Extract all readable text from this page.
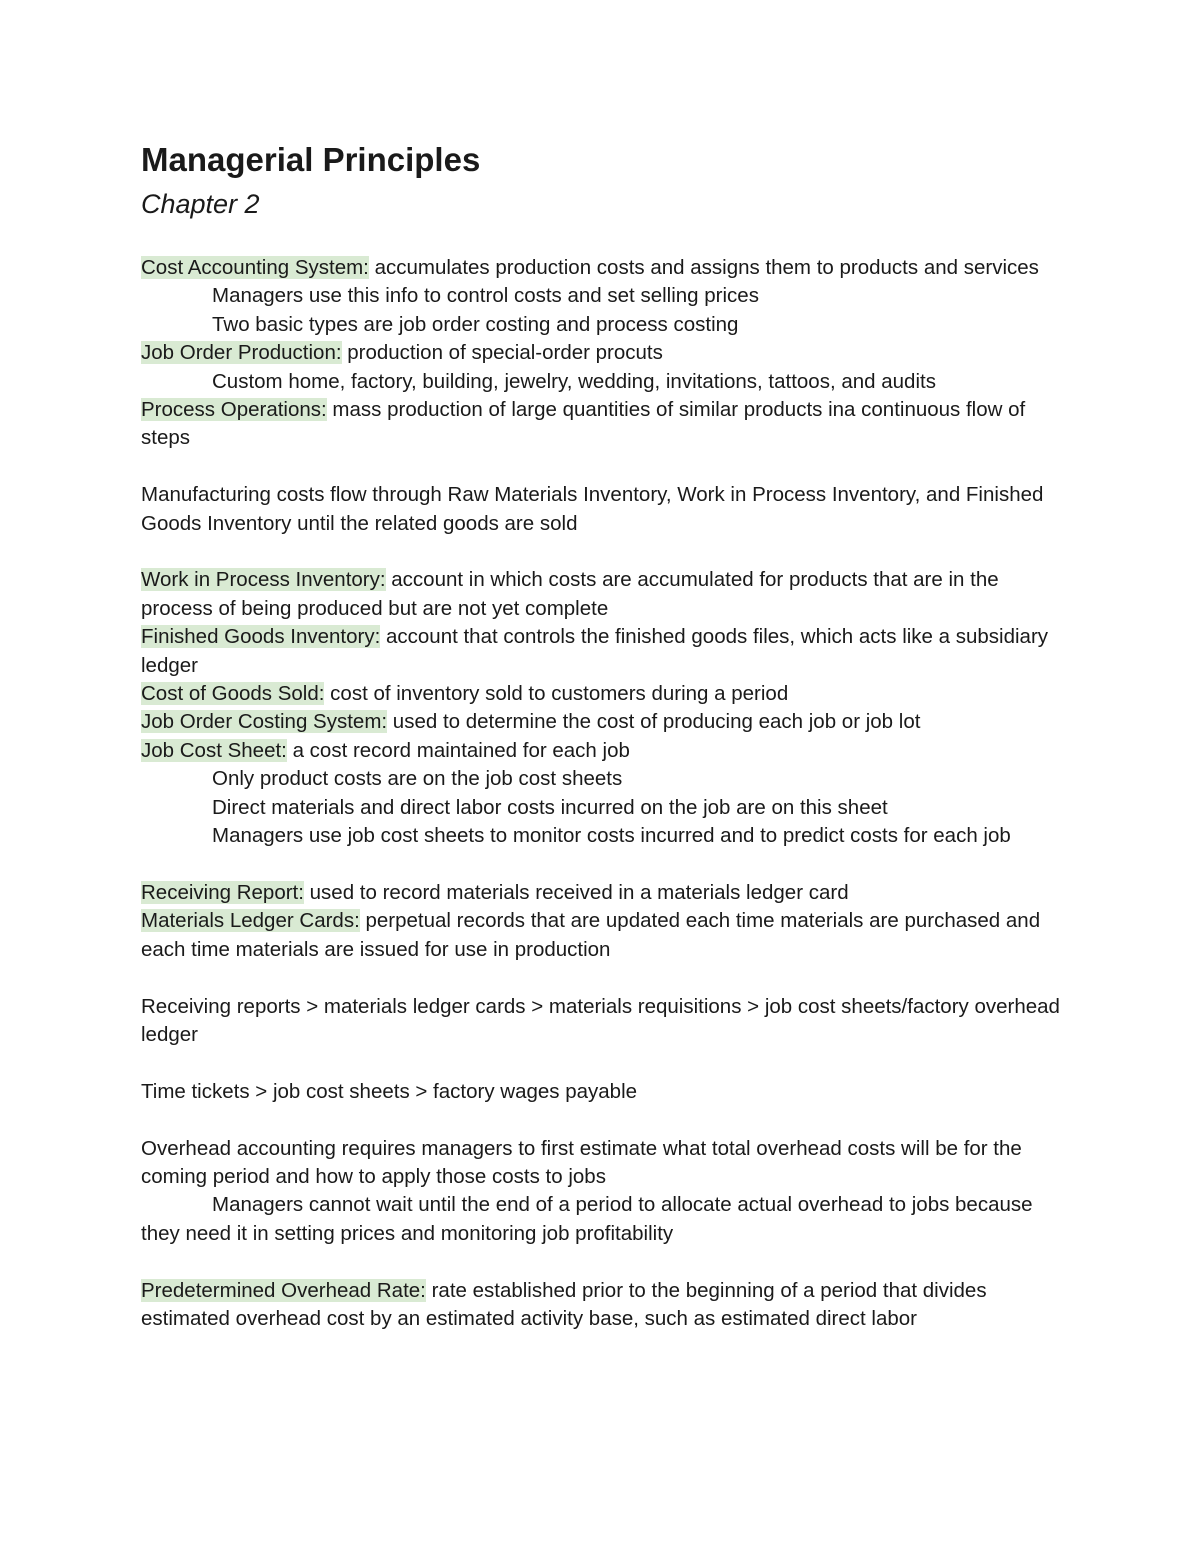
Managerial Principles
Chapter 2

Cost Accounting System: accumulates production costs and assigns them to products and services

Managers use this info to control costs and set selling prices

Two basic types are job order costing and process costing

Job Order Production: production of special-order procuts

Custom home, factory, building, jewelry, wedding, invitations, tattoos, and audits

Process Operations: mass production of large quantities of similar products ina continuous flow of steps

Manufacturing costs flow through Raw Materials Inventory, Work in Process Inventory, and Finished Goods Inventory until the related goods are sold

Work in Process Inventory: account in which costs are accumulated for products that are in the process of being produced but are not yet complete

Finished Goods Inventory: account that controls the finished goods files, which acts like a subsidiary ledger

Cost of Goods Sold: cost of inventory sold to customers during a period

Job Order Costing System: used to determine the cost of producing each job or job lot

Job Cost Sheet: a cost record maintained for each job

Only product costs are on the job cost sheets

Direct materials and direct labor costs incurred on the job are on this sheet

Managers use job cost sheets to monitor costs incurred and to predict costs for each job

Receiving Report: used to record materials received in a materials ledger card

Materials Ledger Cards: perpetual records that are updated each time materials are purchased and each time materials are issued for use in production

Receiving reports > materials ledger cards > materials requisitions > job cost sheets/factory overhead ledger

Time tickets > job cost sheets > factory wages payable

Overhead accounting requires managers to first estimate what total overhead costs will be for the coming period and how to apply those costs to jobs

Managers cannot wait until the end of a period to allocate actual overhead to jobs because they need it in setting prices and monitoring job profitability

Predetermined Overhead Rate: rate established prior to the beginning of a period that divides estimated overhead cost by an estimated activity base, such as estimated direct labor
